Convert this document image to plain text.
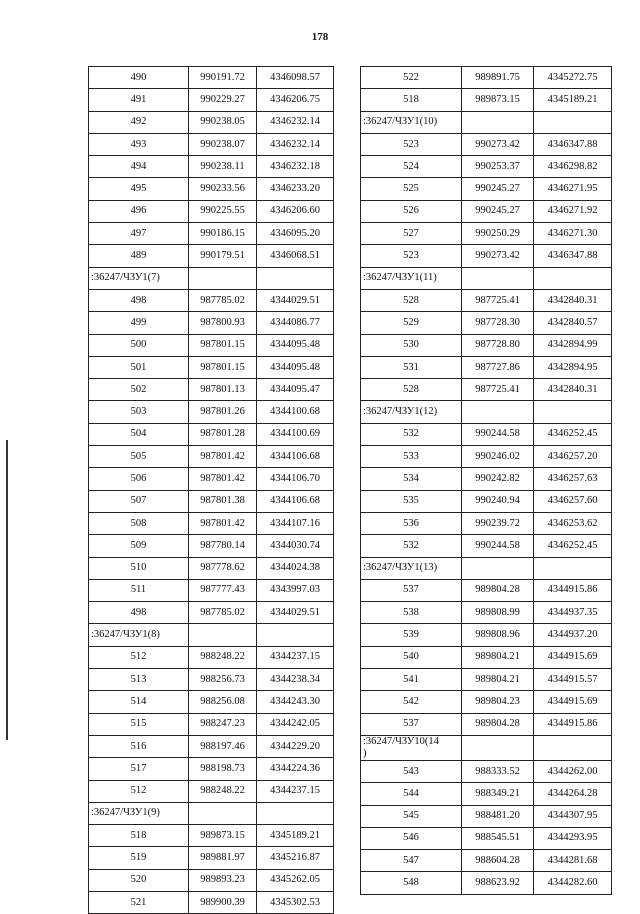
178
490	990191.72	4346098.57
491	990229.27	4346206.75
492	990238.05	4346232.14
493	990238.07	4346232.14
494	990238.11	4346232.18
495	990233.56	4346233.20
496	990225.55	4346206.60
497	990186.15	4346095.20
489	990179.51	4346068.51
:36247/ЧЗУ1(7)		
498	987785.02	4344029.51
499	987800.93	4344086.77
500	987801.15	4344095.48
501	987801.15	4344095.48
502	987801.13	4344095.47
503	987801.26	4344100.68
504	987801.28	4344100.69
505	987801.42	4344106.68
506	987801.42	4344106.70
507	987801.38	4344106.68
508	987801.42	4344107.16
509	987780.14	4344030.74
510	987778.62	4344024.38
511	987777.43	4343997.03
498	987785.02	4344029.51
:36247/ЧЗУ1(8)		
512	988248.22	4344237.15
513	988256.73	4344238.34
514	988256.08	4344243.30
515	988247.23	4344242.05
516	988197.46	4344229.20
517	988198.73	4344224.36
512	988248.22	4344237.15
:36247/ЧЗУ1(9)		
518	989873.15	4345189.21
519	989881.97	4345216.87
520	989893.23	4345262.05
521	989900.39	4345302.53
522	989891.75	4345272.75
518	989873.15	4345189.21
:36247/ЧЗУ1(10)		
523	990273.42	4346347.88
524	990253.37	4346298.82
525	990245.27	4346271.95
526	990245.27	4346271.92
527	990250.29	4346271.30
523	990273.42	4346347.88
:36247/ЧЗУ1(11)		
528	987725.41	4342840.31
529	987728.30	4342840.57
530	987728.80	4342894.99
531	987727.86	4342894.95
528	987725.41	4342840.31
:36247/ЧЗУ1(12)		
532	990244.58	4346252.45
533	990246.02	4346257.20
534	990242.82	4346257.63
535	990240.94	4346257.60
536	990239.72	4346253.62
532	990244.58	4346252.45
:36247/ЧЗУ1(13)		
537	989804.28	4344915.86
538	989808.99	4344937.35
539	989808.96	4344937.20
540	989804.21	4344915.69
541	989804.21	4344915.57
542	989804.23	4344915.69
537	989804.28	4344915.86
:36247/ЧЗУ10(14
)		
543	988333.52	4344262.00
544	988349.21	4344264.28
545	988481.20	4344307.95
546	988545.51	4344293.95
547	988604.28	4344281.68
548	988623.92	4344282.60
